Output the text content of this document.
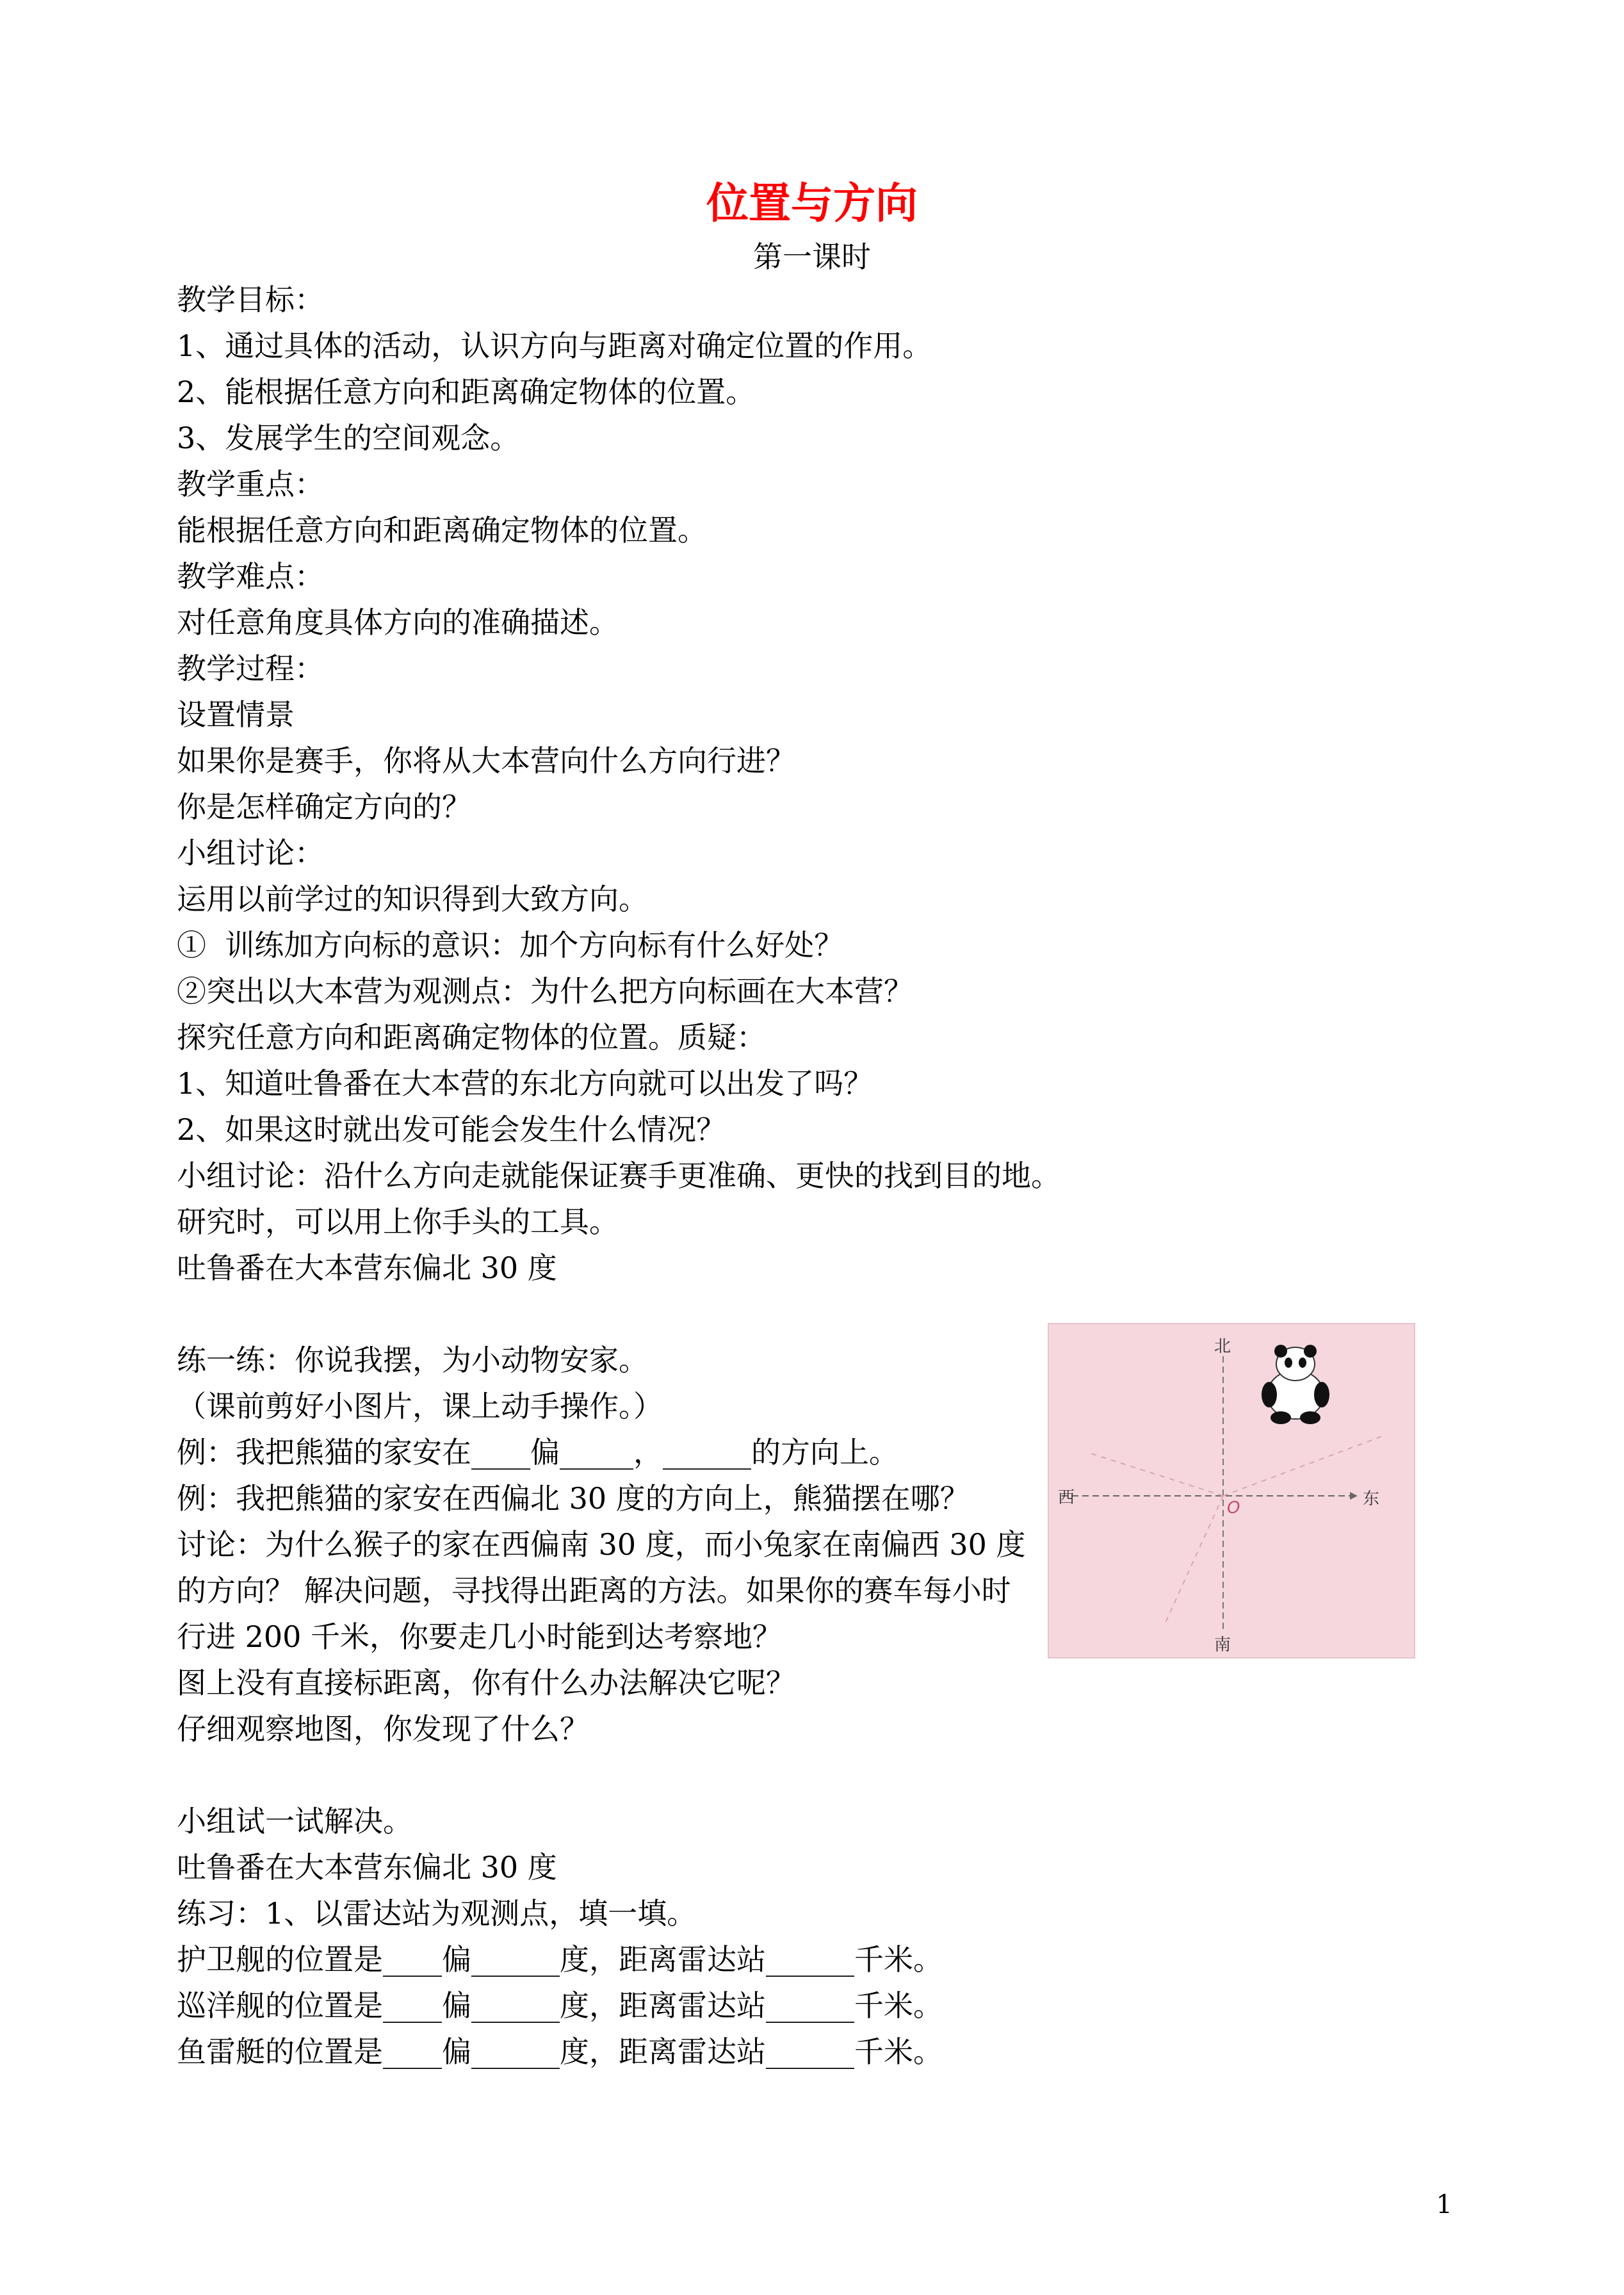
位置与方向
第一课时

教学目标：

1、通过具体的活动，认识方向与距离对确定位置的作用。

2、能根据任意方向和距离确定物体的位置。

3、发展学生的空间观念。

教学重点：

能根据任意方向和距离确定物体的位置。

教学难点：

对任意角度具体方向的准确描述。

教学过程：

设置情景

如果你是赛手，你将从大本营向什么方向行进？

你是怎样确定方向的？

小组讨论：

运用以前学过的知识得到大致方向。

①  训练加方向标的意识：加个方向标有什么好处？

②突出以大本营为观测点：为什么把方向标画在大本营？

探究任意方向和距离确定物体的位置。质疑：

1、知道吐鲁番在大本营的东北方向就可以出发了吗？

2、如果这时就出发可能会发生什么情况？

小组讨论：沿什么方向走就能保证赛手更准确、更快的找到目的地。

研究时，可以用上你手头的工具。

吐鲁番在大本营东偏北 30 度

练一练：你说我摆，为小动物安家。

（课前剪好小图片，课上动手操作。）

例：我把熊猫的家安在____偏_____，______的方向上。

例：我把熊猫的家安在西偏北 30 度的方向上，熊猫摆在哪？

讨论：为什么猴子的家在西偏南 30 度，而小兔家在南偏西 30 度的方向？ 解决问题，寻找得出距离的方法。如果你的赛车每小时行进 200 千米，你要走几小时能到达考察地？

图上没有直接标距离，你有什么办法解决它呢？

仔细观察地图，你发现了什么？

小组试一试解决。

吐鲁番在大本营东偏北 30 度

练习：1、以雷达站为观测点，填一填。

护卫舰的位置是____偏______度，距离雷达站______千米。

巡洋舰的位置是____偏______度，距离雷达站______千米。

鱼雷艇的位置是____偏______度，距离雷达站______千米。

北
南
东
西
O
1
